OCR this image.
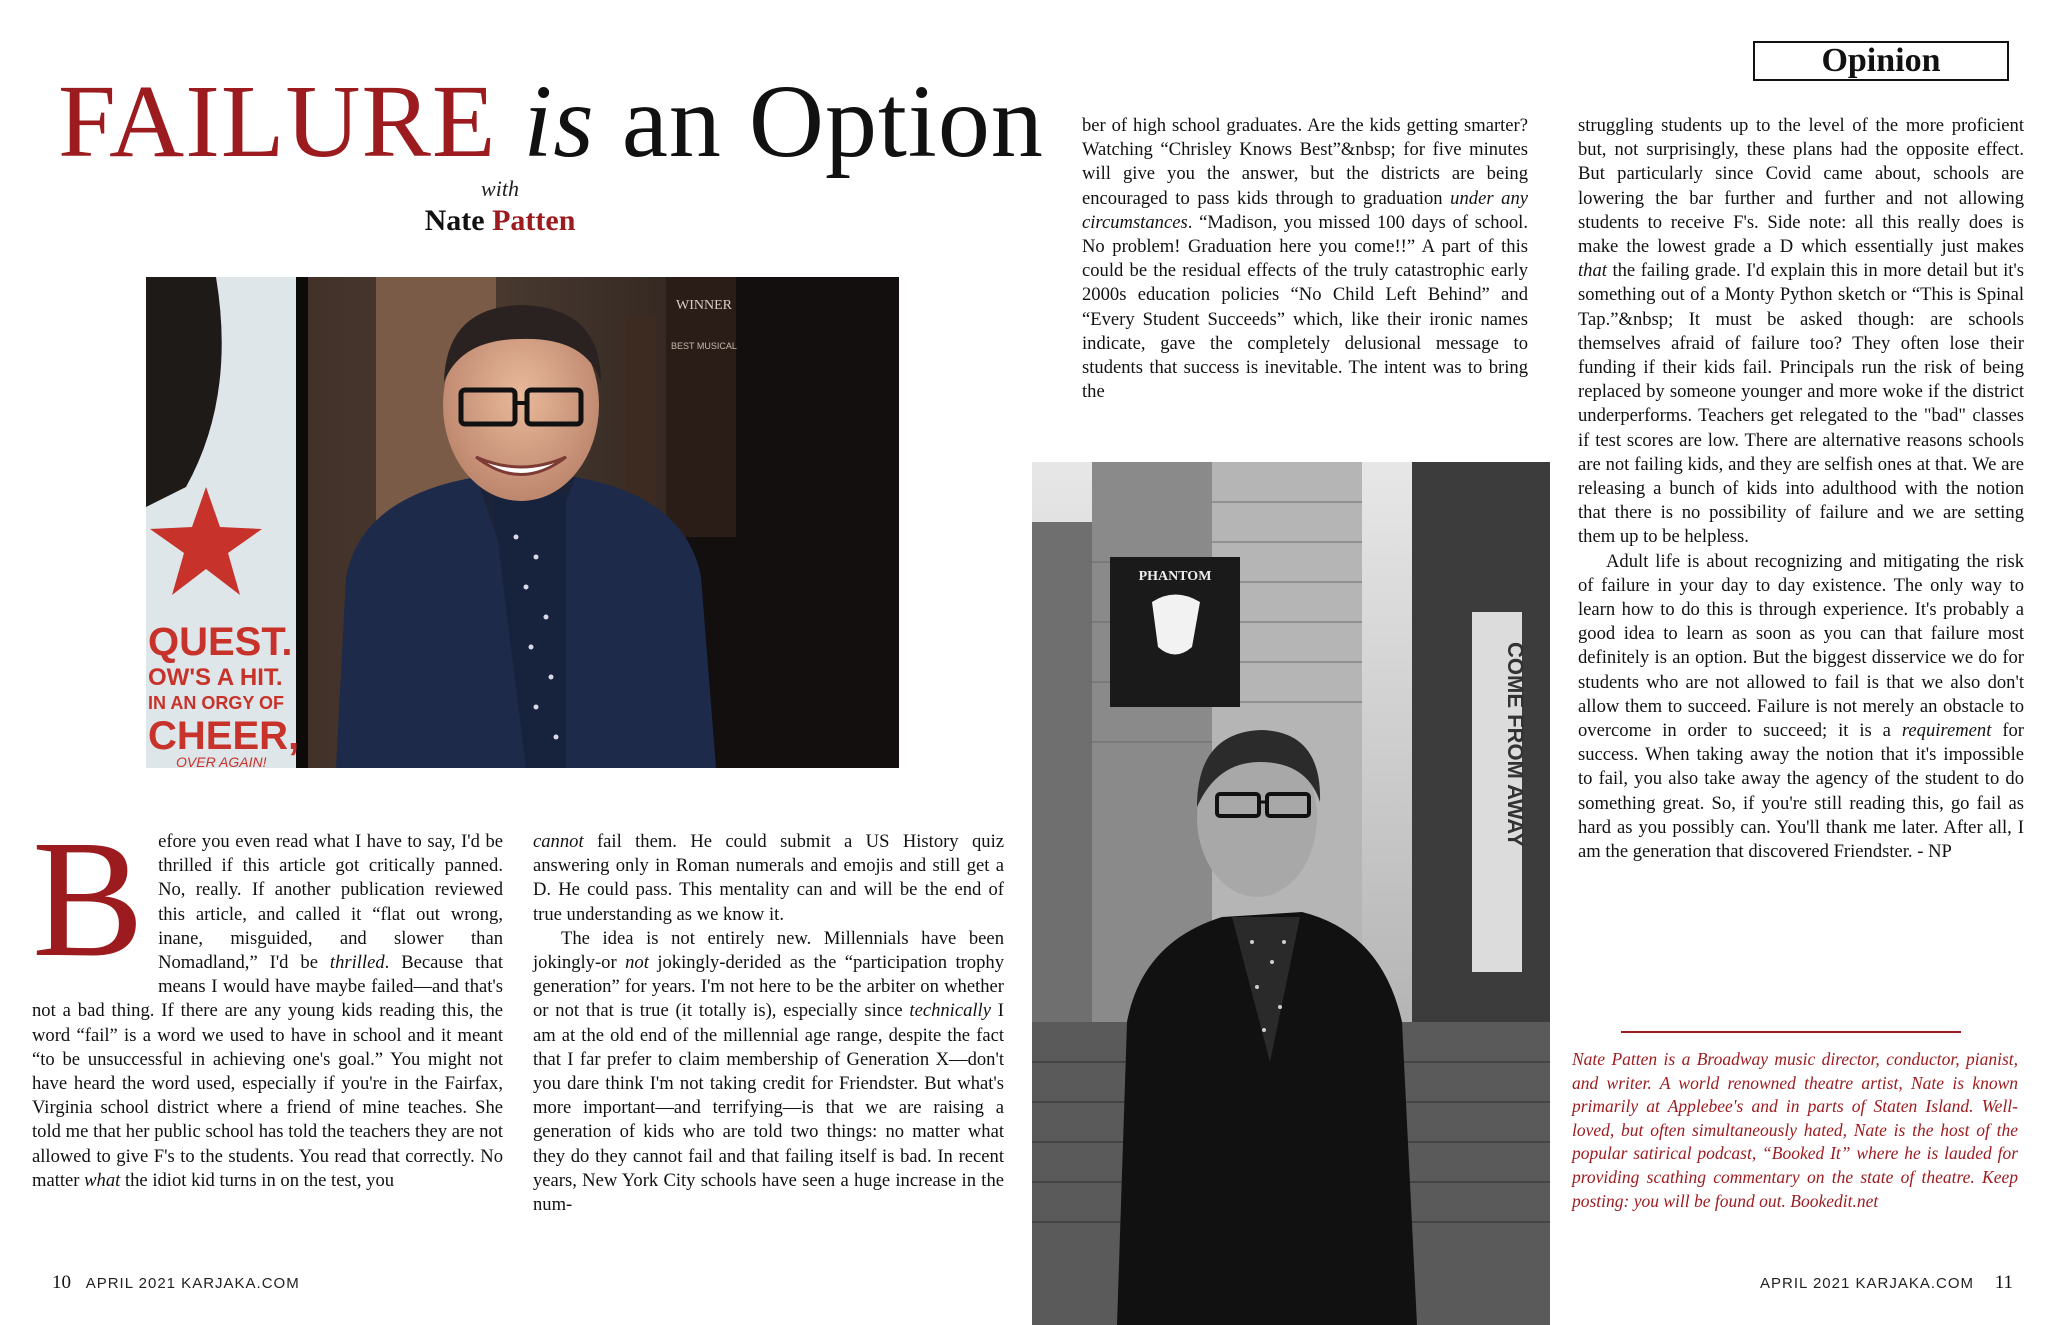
Opinion
FAILURE is an Option
with
Nate Patten
QUEST.
OW'S A HIT.
IN AN ORGY OF
CHEER,
OVER AGAIN!
WINNER
BEST MUSICAL
COME FROM AWAY
PHANTOM

Before you even read what I have to say, I'd be thrilled if this article got critically panned. No, really. If another publication reviewed this article, and called it “flat out wrong, inane, misguided, and slower than Nomadland,” I'd be thrilled. Because that means I would have maybe failed—and that's not a bad thing. If there are any young kids reading this, the word “fail” is a word we used to have in school and it meant “to be unsuccessful in achieving one's goal.” You might not have heard the word used, especially if you're in the Fairfax, Virginia school district where a friend of mine teaches. She told me that her public school has told the teachers they are not allowed to give F's to the students. You read that correctly. No matter what the idiot kid turns in on the test, you

cannot fail them. He could submit a US History quiz answering only in Roman numerals and emojis and still get a D. He could pass. This mentality can and will be the end of true understanding as we know it.

The idea is not entirely new. Millennials have been jokingly-or not jokingly-derided as the “participation trophy generation” for years. I'm not here to be the arbiter on whether or not that is true (it totally is), especially since technically I am at the old end of the millennial age range, despite the fact that I far prefer to claim membership of Generation X—don't you dare think I'm not taking credit for Friendster. But what's more important—and terrifying—is that we are raising a generation of kids who are told two things: no matter what they do they cannot fail and that failing itself is bad. In recent years, New York City schools have seen a huge increase in the num-

ber of high school graduates. Are the kids getting smarter? Watching “Chrisley Knows Best”&nbsp; for five minutes will give you the answer, but the districts are being encouraged to pass kids through to graduation under any circumstances. “Madison, you missed 100 days of school. No problem! Graduation here you come!!” A part of this could be the residual effects of the truly catastrophic early 2000s education policies “No Child Left Behind” and “Every Student Succeeds” which, like their ironic names indicate, gave the completely delusional message to students that success is inevitable. The intent was to bring the

struggling students up to the level of the more proficient but, not surprisingly, these plans had the opposite effect. But particularly since Covid came about, schools are lowering the bar further and further and not allowing students to receive F's. Side note: all this really does is make the lowest grade a D which essentially just makes that the failing grade. I'd explain this in more detail but it's something out of a Monty Python sketch or “This is Spinal Tap.”&nbsp; It must be asked though: are schools themselves afraid of failure too? They often lose their funding if their kids fail. Principals run the risk of being replaced by someone younger and more woke if the district underperforms. Teachers get relegated to the "bad" classes if test scores are low. There are alternative reasons schools are not failing kids, and they are selfish ones at that. We are releasing a bunch of kids into adulthood with the notion that there is no possibility of failure and we are setting them up to be helpless.

Adult life is about recognizing and mitigating the risk of failure in your day to day existence. The only way to learn how to do this is through experience. It's probably a good idea to learn as soon as you can that failure most definitely is an option. But the biggest disservice we do for students who are not allowed to fail is that we also don't allow them to succeed. Failure is not merely an obstacle to overcome in order to succeed; it is a requirement for success. When taking away the notion that it's impossible to fail, you also take away the agency of the student to do something great. So, if you're still reading this, go fail as hard as you possibly can. You'll thank me later. After all, I am the generation that discovered Friendster. - NP

Nate Patten is a Broadway music director, conductor, pianist, and writer. A world renowned theatre artist, Nate is known primarily at Applebee's and in parts of Staten Island. Well-loved, but often simultaneously hated, Nate is the host of the popular satirical podcast, “Booked It” where he is lauded for providing scathing commentary on the state of theatre. Keep posting: you will be found out. Bookedit.net
10 APRIL 2021 KARJAKA.COM	APRIL 2021 KARJAKA.COM 11
